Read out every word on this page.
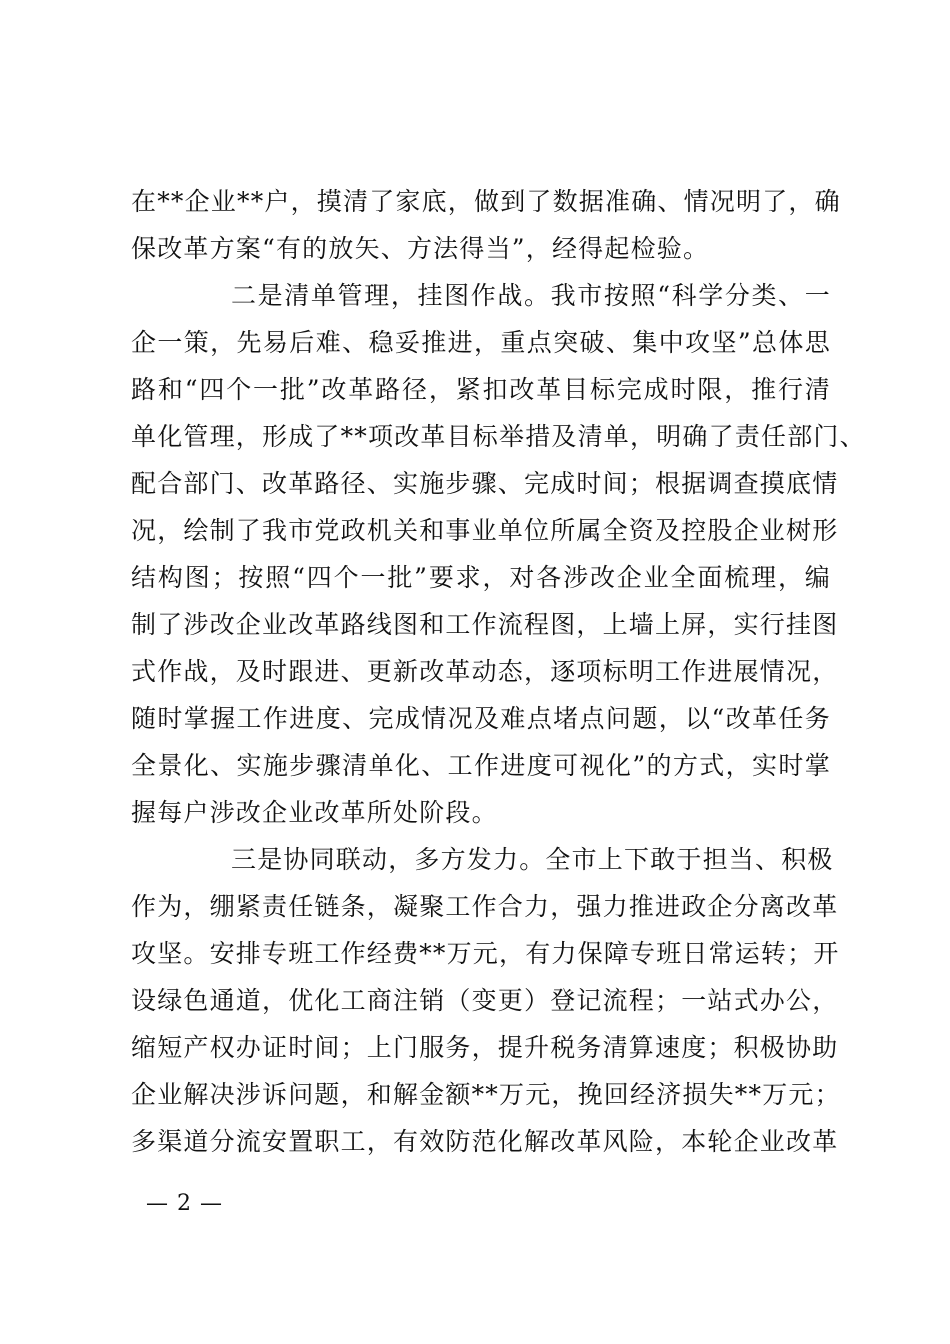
在**企业**户，摸清了家底，做到了数据准确、情况明了，确
保改革方案“有的放矢、方法得当”，经得起检验。
二是清单管理，挂图作战。我市按照“科学分类、一
企一策，先易后难、稳妥推进，重点突破、集中攻坚”总体思
路和“四个一批”改革路径，紧扣改革目标完成时限，推行清
单化管理，形成了**项改革目标举措及清单，明确了责任部门、
配合部门、改革路径、实施步骤、完成时间；根据调查摸底情
况，绘制了我市党政机关和事业单位所属全资及控股企业树形
结构图；按照“四个一批”要求，对各涉改企业全面梳理，编
制了涉改企业改革路线图和工作流程图，上墙上屏，实行挂图
式作战，及时跟进、更新改革动态，逐项标明工作进展情况，
随时掌握工作进度、完成情况及难点堵点问题，以“改革任务
全景化、实施步骤清单化、工作进度可视化”的方式，实时掌
握每户涉改企业改革所处阶段。
三是协同联动，多方发力。全市上下敢于担当、积极
作为，绷紧责任链条，凝聚工作合力，强力推进政企分离改革
攻坚。安排专班工作经费**万元，有力保障专班日常运转；开
设绿色通道，优化工商注销（变更）登记流程；一站式办公，
缩短产权办证时间；上门服务，提升税务清算速度；积极协助
企业解决涉诉问题，和解金额**万元，挽回经济损失**万元；
多渠道分流安置职工，有效防范化解改革风险，本轮企业改革
— 2 —
